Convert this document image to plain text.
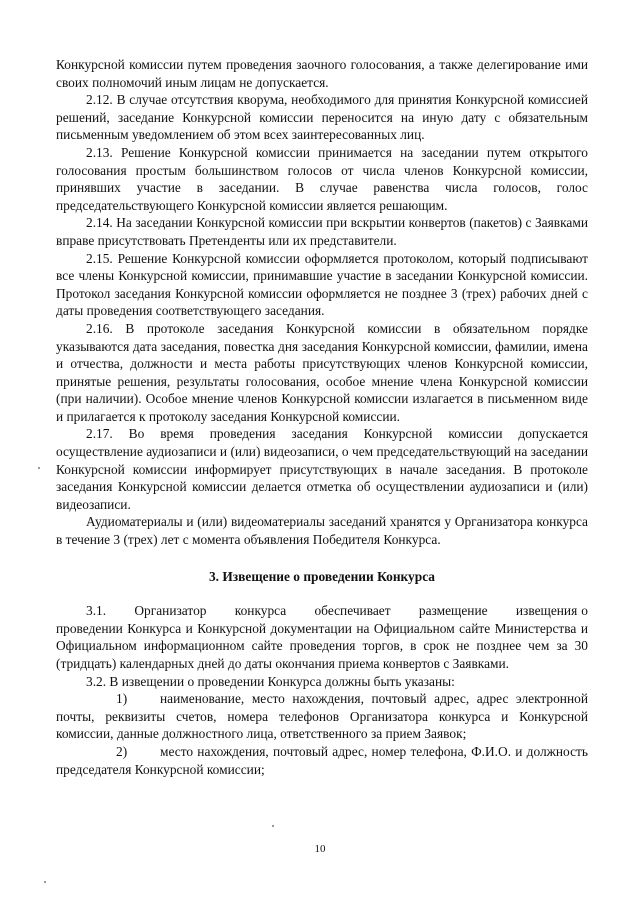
Конкурсной комиссии путем проведения заочного голосования, а также делегирование ими своих полномочий иным лицам не допускается.

2.12. В случае отсутствия кворума, необходимого для принятия Конкурсной комиссией решений, заседание Конкурсной комиссии переносится на иную дату с обязательным письменным уведомлением об этом всех заинтересованных лиц.

2.13. Решение Конкурсной комиссии принимается на заседании путем открытого голосования простым большинством голосов от числа членов Конкурсной комиссии, принявших участие в заседании. В случае равенства числа голосов, голос председательствующего Конкурсной комиссии является решающим.

2.14. На заседании Конкурсной комиссии при вскрытии конвертов (пакетов) с Заявками вправе присутствовать Претенденты или их представители.

2.15. Решение Конкурсной комиссии оформляется протоколом, который подписывают все члены Конкурсной комиссии, принимавшие участие в заседании Конкурсной комиссии. Протокол заседания Конкурсной комиссии оформляется не позднее 3 (трех) рабочих дней с даты проведения соответствующего заседания.

2.16. В протоколе заседания Конкурсной комиссии в обязательном порядке указываются дата заседания, повестка дня заседания Конкурсной комиссии, фамилии, имена и отчества, должности и места работы присутствующих членов Конкурсной комиссии, принятые решения, результаты голосования, особое мнение члена Конкурсной комиссии (при наличии). Особое мнение членов Конкурсной комиссии излагается в письменном виде и прилагается к протоколу заседания Конкурсной комиссии.

2.17. Во время проведения заседания Конкурсной комиссии допускается осуществление аудиозаписи и (или) видеозаписи, о чем председательствующий на заседании Конкурсной комиссии информирует присутствующих в начале заседания. В протоколе заседания Конкурсной комиссии делается отметка об осуществлении аудиозаписи и (или) видеозаписи.

Аудиоматериалы и (или) видеоматериалы заседаний хранятся у Организатора конкурса в течение 3 (трех) лет с момента объявления Победителя Конкурса.

3. Извещение о проведении Конкурса

3.1.       Организатор       конкурса       обеспечивает       размещение       извещения о проведении Конкурса и Конкурсной документации на Официальном сайте Министерства и Официальном информационном сайте проведения торгов, в срок не позднее чем за 30 (тридцать) календарных дней до даты окончания приема конвертов с Заявками.

3.2. В извещении о проведении Конкурса должны быть указаны:

1) наименование, место нахождения, почтовый адрес, адрес электронной почты, реквизиты счетов, номера телефонов Организатора конкурса и Конкурсной комиссии, данные должностного лица, ответственного за прием Заявок;

2) место нахождения, почтовый адрес, номер телефона, Ф.И.О. и должность председателя Конкурсной комиссии;

10
